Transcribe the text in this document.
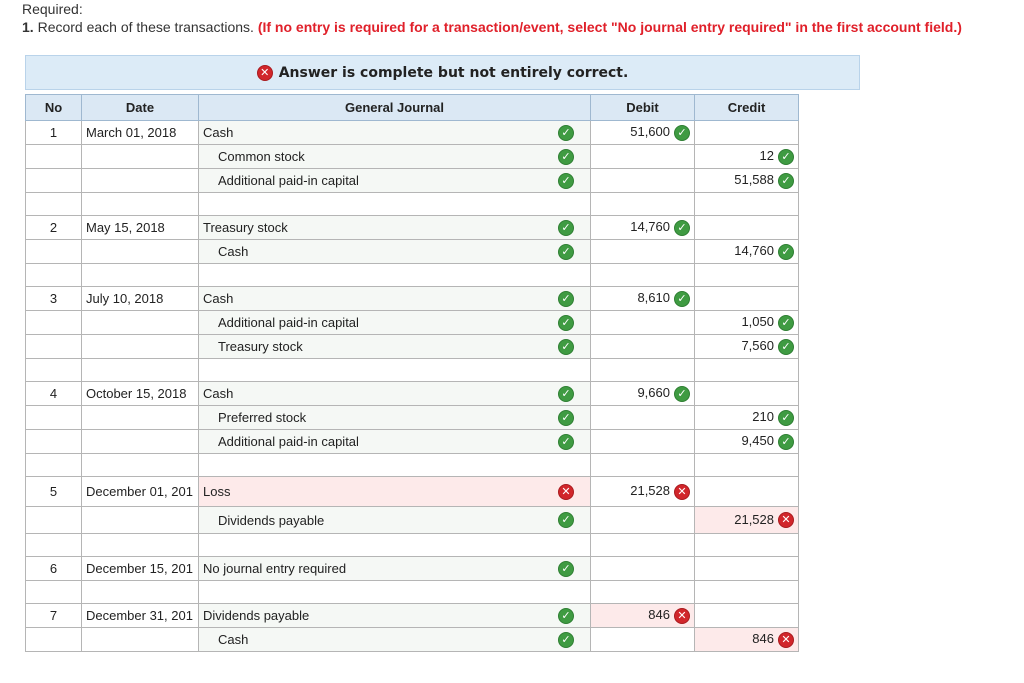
Required:
1. Record each of these transactions. (If no entry is required for a transaction/event, select "No journal entry required" in the first account field.)
✕ Answer is complete but not entirely correct.
No	Date	General Journal	Debit	Credit
1	March 01, 2018	Cash ✓	51,600 ✓	

		Common stock ✓		12 ✓

		Additional paid-in capital ✓		51,588 ✓

2	May 15, 2018	Treasury stock ✓	14,760 ✓	

		Cash ✓		14,760 ✓

3	July 10, 2018	Cash ✓	8,610 ✓	

		Additional paid-in capital ✓		1,050 ✓

		Treasury stock ✓		7,560 ✓

4	October 15, 2018	Cash ✓	9,660 ✓	

		Preferred stock ✓		210 ✓

		Additional paid-in capital ✓		9,450 ✓

5	December 01, 201	Loss ✕	21,528 ✕	

		Dividends payable ✓		21,528 ✕

6	December 15, 201	No journal entry required ✓		

7	December 31, 201	Dividends payable ✓	846 ✕	

		Cash ✓		846 ✕
